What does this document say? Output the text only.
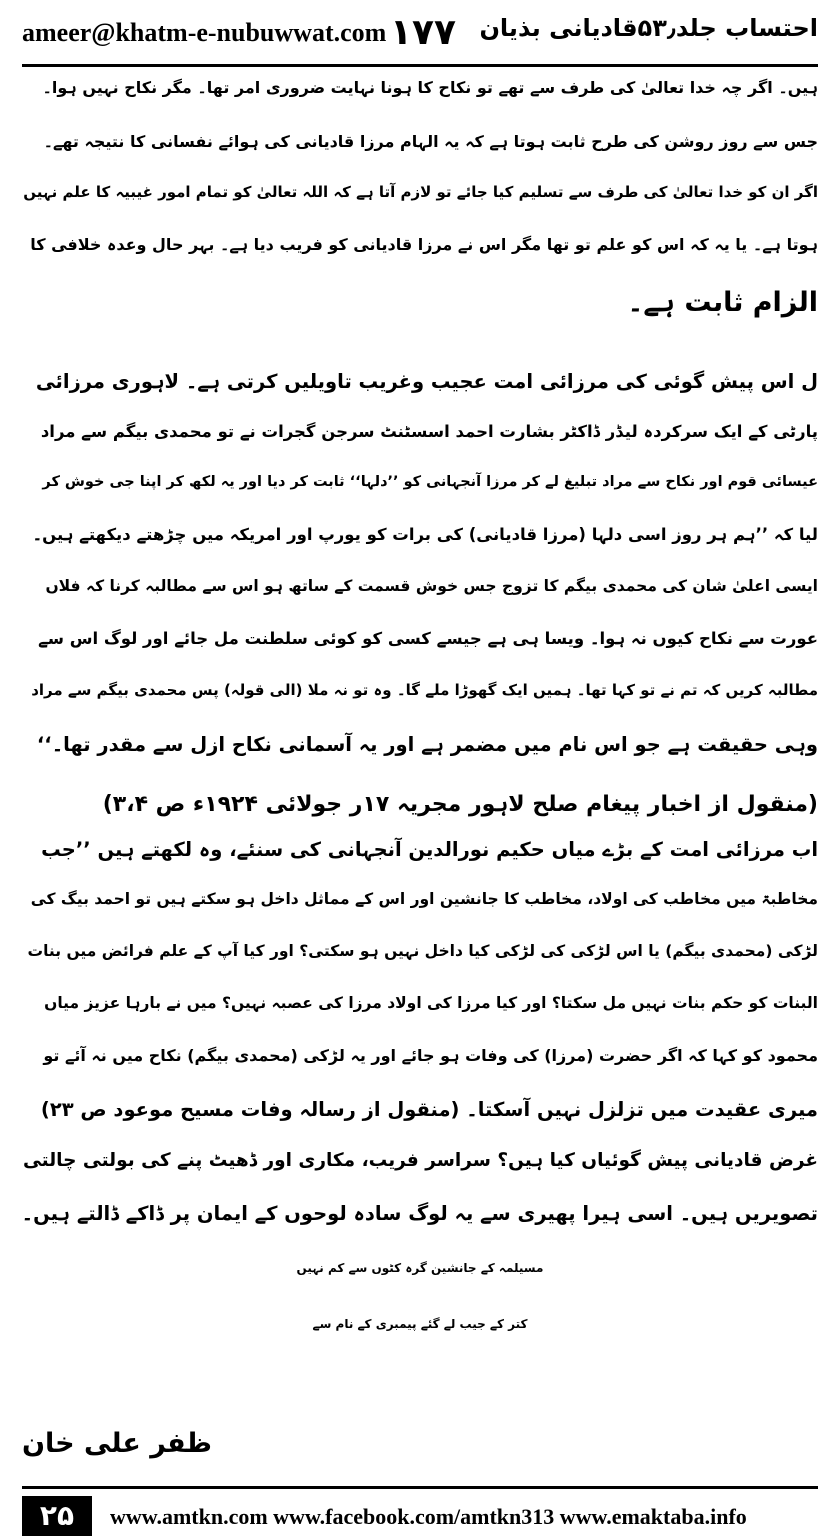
ameer@khatm-e-nubuwwat.com ۱۷۷ احتساب جلد۵۳٫قادیانی بذیان
ہیں۔ اگر چہ خدا تعالیٰ کی طرف سے تھے تو نکاح کا ہونا نہایت ضروری امر تھا۔ مگر نکاح نہیں ہوا۔
جس سے روز روشن کی طرح ثابت ہوتا ہے کہ یہ الہام مرزا قادیانی کی ہوائے نفسانی کا نتیجہ تھے۔
اگر ان کو خدا تعالیٰ کی طرف سے تسلیم کیا جائے تو لازم آتا ہے کہ اللہ تعالیٰ کو تمام امور غیبیہ کا علم نہیں
ہوتا ہے۔ یا یہ کہ اس کو علم تو تھا مگر اس نے مرزا قادیانی کو فریب دیا ہے۔ بہر حال وعدہ خلافی کا
الزام ثابت ہے۔
ل اس پیش گوئی کی مرزائی امت عجیب وغریب تاویلیں کرتی ہے۔ لاہوری مرزائی
پارٹی کے ایک سرکردہ لیڈر ڈاکٹر بشارت احمد اسسٹنٹ سرجن گجرات نے تو محمدی بیگم سے مراد
عیسائی قوم اور نکاح سے مراد تبلیغ لے کر مرزا آنجہانی کو ’’دلہا‘‘ ثابت کر دیا اور یہ لکھ کر اپنا جی خوش کر
لیا کہ ’’ہم ہر روز اسی دلہا (مرزا قادیانی) کی برات کو یورپ اور امریکہ میں چڑھتے دیکھتے ہیں۔
ایسی اعلیٰ شان کی محمدی بیگم کا تزوج جس خوش قسمت کے ساتھ ہو اس سے مطالبہ کرنا کہ فلاں
عورت سے نکاح کیوں نہ ہوا۔ ویسا ہی ہے جیسے کسی کو کوئی سلطنت مل جائے اور لوگ اس سے
مطالبہ کریں کہ تم نے تو کہا تھا۔ ہمیں ایک گھوڑا ملے گا۔ وہ تو نہ ملا (الی قولہ) پس محمدی بیگم سے مراد
وہی حقیقت ہے جو اس نام میں مضمر ہے اور یہ آسمانی نکاح ازل سے مقدر تھا۔‘‘
(منقول از اخبار پیغام صلح لاہور مجریہ ۱۷ر جولائی ۱۹۲۴ء ص ۳،۴)
اب مرزائی امت کے بڑے میاں حکیم نورالدین آنجہانی کی سنئے، وہ لکھتے ہیں ’’جب
مخاطبۃ میں مخاطب کی اولاد، مخاطب کا جانشین اور اس کے مماثل داخل ہو سکتے ہیں تو احمد بیگ کی
لڑکی (محمدی بیگم) یا اس لڑکی کی لڑکی کیا داخل نہیں ہو سکتی؟ اور کیا آپ کے علم فرائض میں بنات
البنات کو حکم بنات نہیں مل سکتا؟ اور کیا مرزا کی اولاد مرزا کی عصبہ نہیں؟ میں نے بارہا عزیز میاں
محمود کو کہا کہ اگر حضرت (مرزا) کی وفات ہو جائے اور یہ لڑکی (محمدی بیگم) نکاح میں نہ آئے تو
میری عقیدت میں تزلزل نہیں آسکتا۔ (منقول از رسالہ وفات مسیح موعود ص ۲۳)
غرض قادیانی پیش گوئیاں کیا ہیں؟ سراسر فریب، مکاری اور ڈھیٹ پنے کی بولتی چالتی
تصویریں ہیں۔ اسی ہیرا پھیری سے یہ لوگ سادہ لوحوں کے ایمان پر ڈاکے ڈالتے ہیں۔
مسیلمہ کے جانشین گرہ کٹوں سے کم نہیں
کتر کے جیب لے گئے پیمبری کے نام سے
ظفر علی خان
۲۵	www.amtkn.com www.facebook.com/amtkn313 www.emaktaba.info
